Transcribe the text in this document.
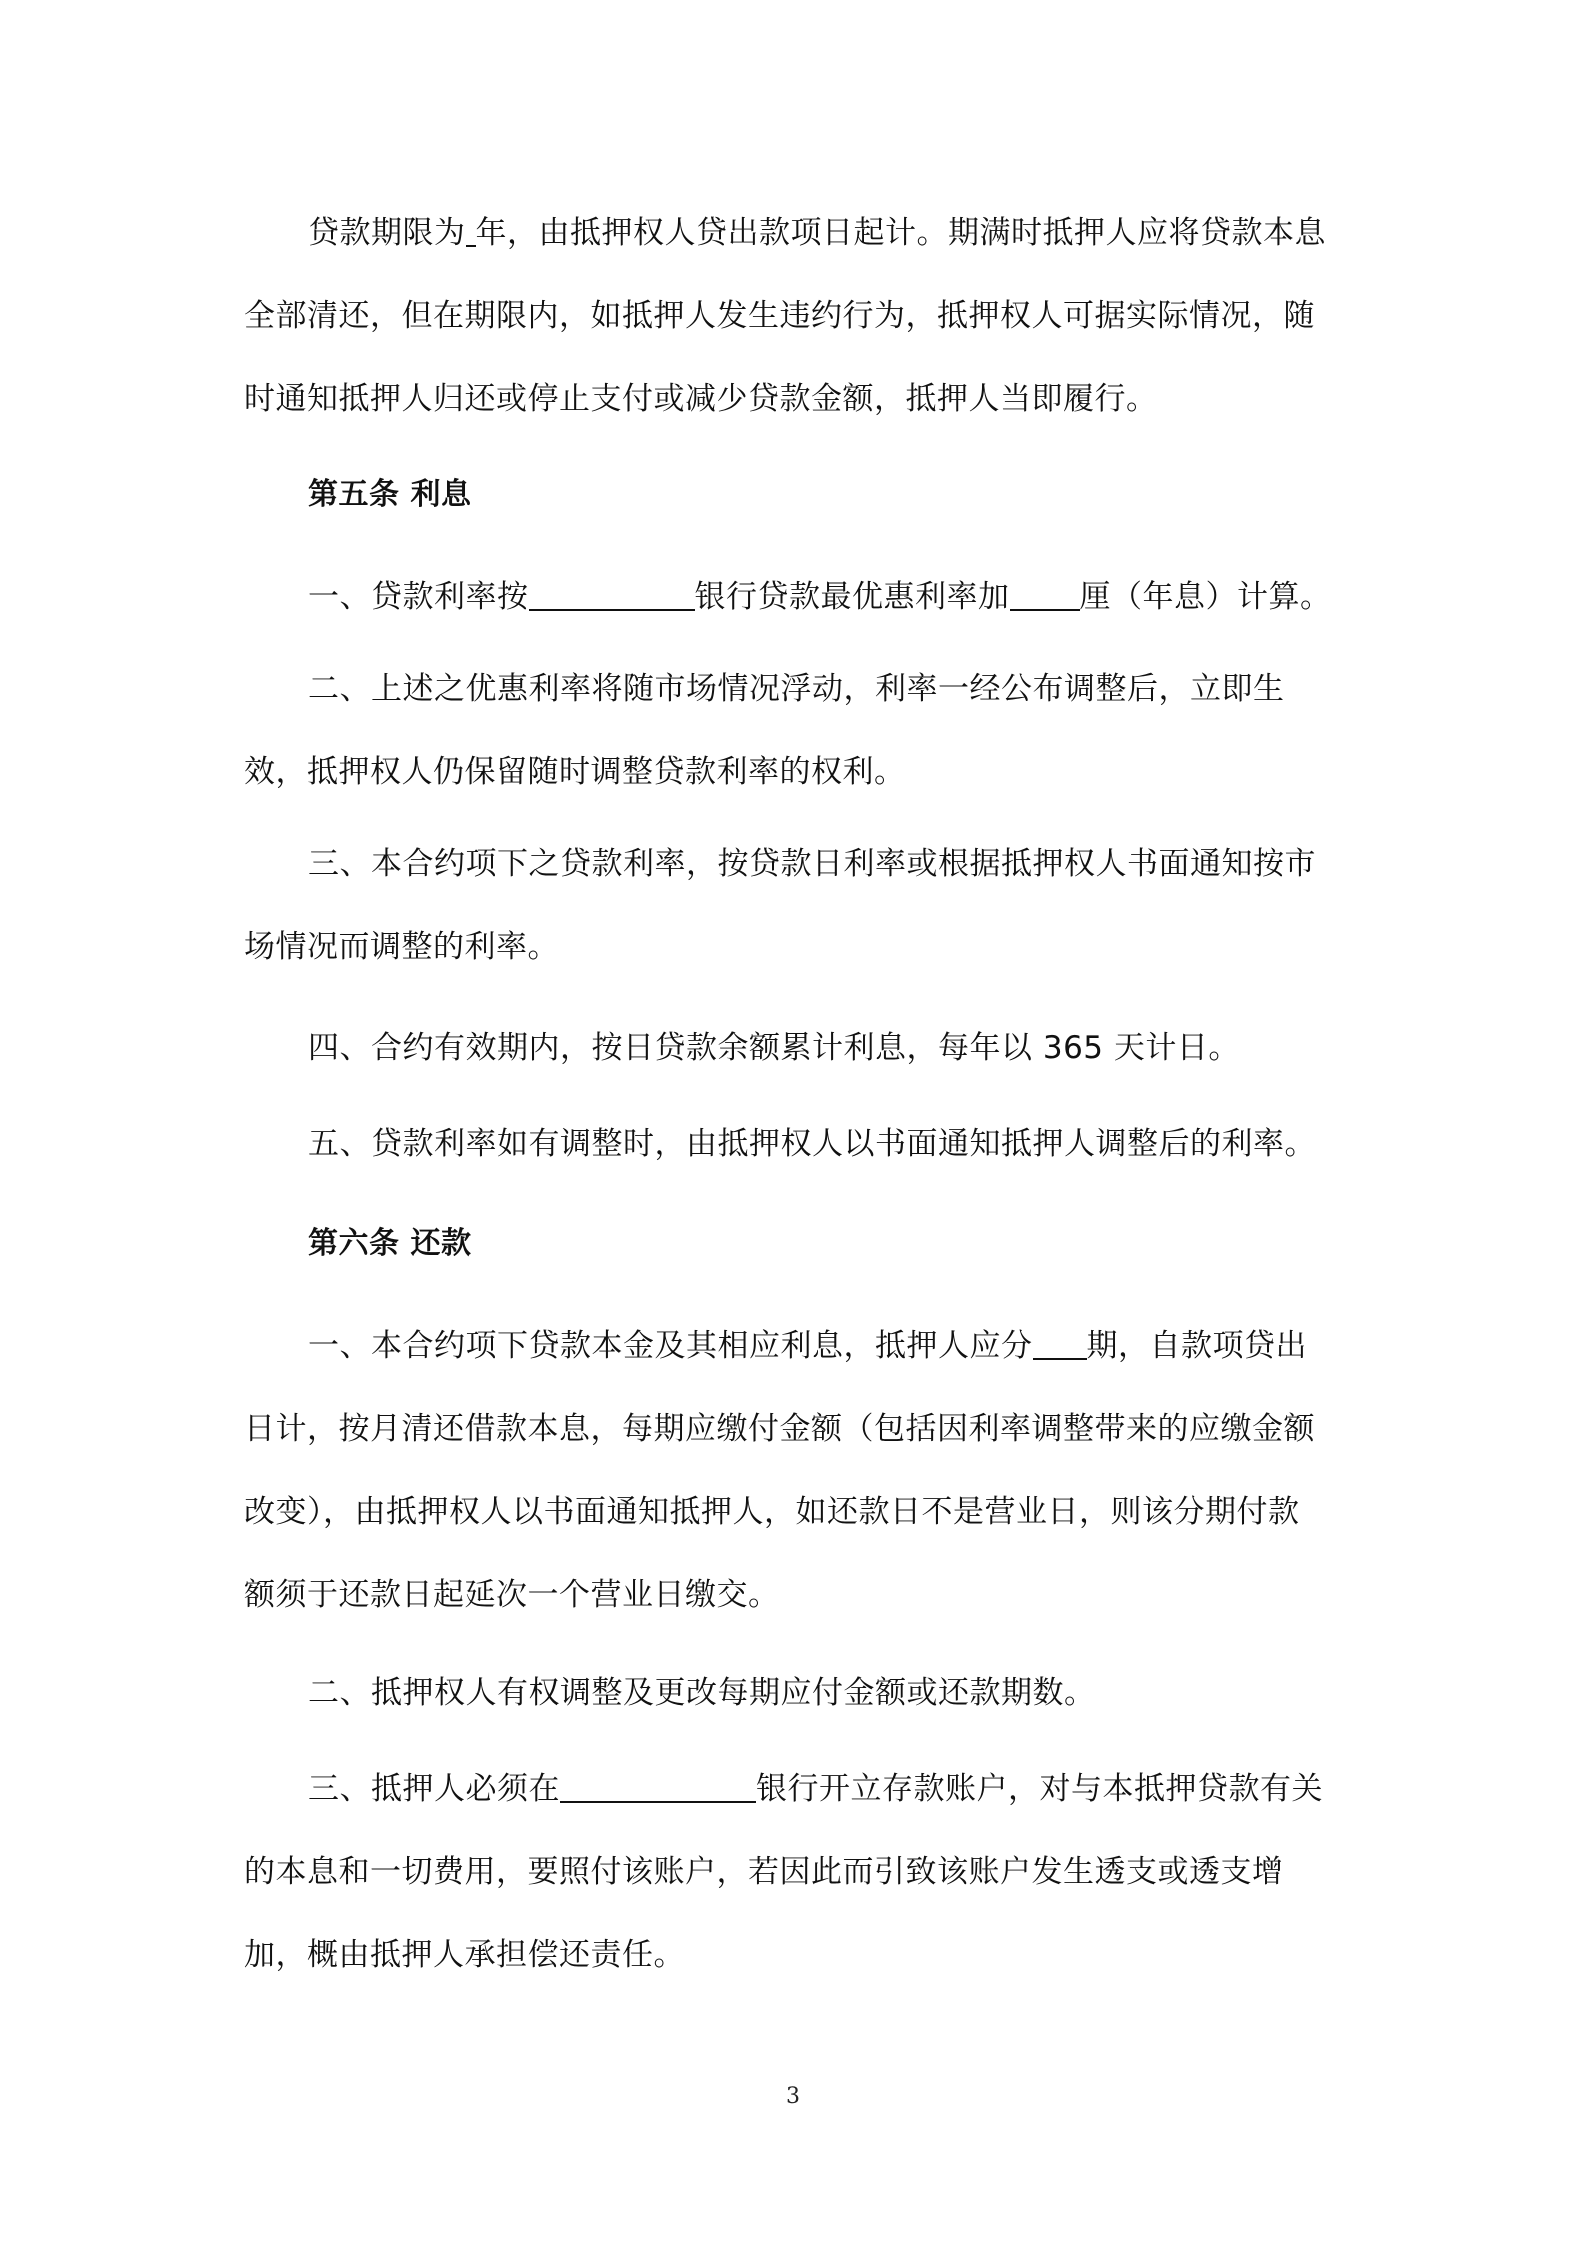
贷款期限为 年，由抵押权人贷出款项日起计。期满时抵押人应将贷款本息
全部清还，但在期限内，如抵押人发生违约行为，抵押权人可据实际情况，随
时通知抵押人归还或停止支付或减少贷款金额，抵押人当即履行。
第五条 利息
一、贷款利率按	银行贷款最优惠利率加 厘（年息）计算。
二、上述之优惠利率将随市场情况浮动，利率一经公布调整后，立即生
效，抵押权人仍保留随时调整贷款利率的权利。
三、本合约项下之贷款利率，按贷款日利率或根据抵押权人书面通知按市
场情况而调整的利率。
四、合约有效期内，按日贷款余额累计利息，每年以 365 天计日。
五、贷款利率如有调整时，由抵押权人以书面通知抵押人调整后的利率。
第六条 还款
一、本合约项下贷款本金及其相应利息，抵押人应分 期，自款项贷出
日计，按月清还借款本息，每期应缴付金额（包括因利率调整带来的应缴金额
改变），由抵押权人以书面通知抵押人，如还款日不是营业日，则该分期付款
额须于还款日起延次一个营业日缴交。
二、抵押权人有权调整及更改每期应付金额或还款期数。
三、抵押人必须在	银行开立存款账户，对与本抵押贷款有关
的本息和一切费用，要照付该账户，若因此而引致该账户发生透支或透支增
加，概由抵押人承担偿还责任。
3
